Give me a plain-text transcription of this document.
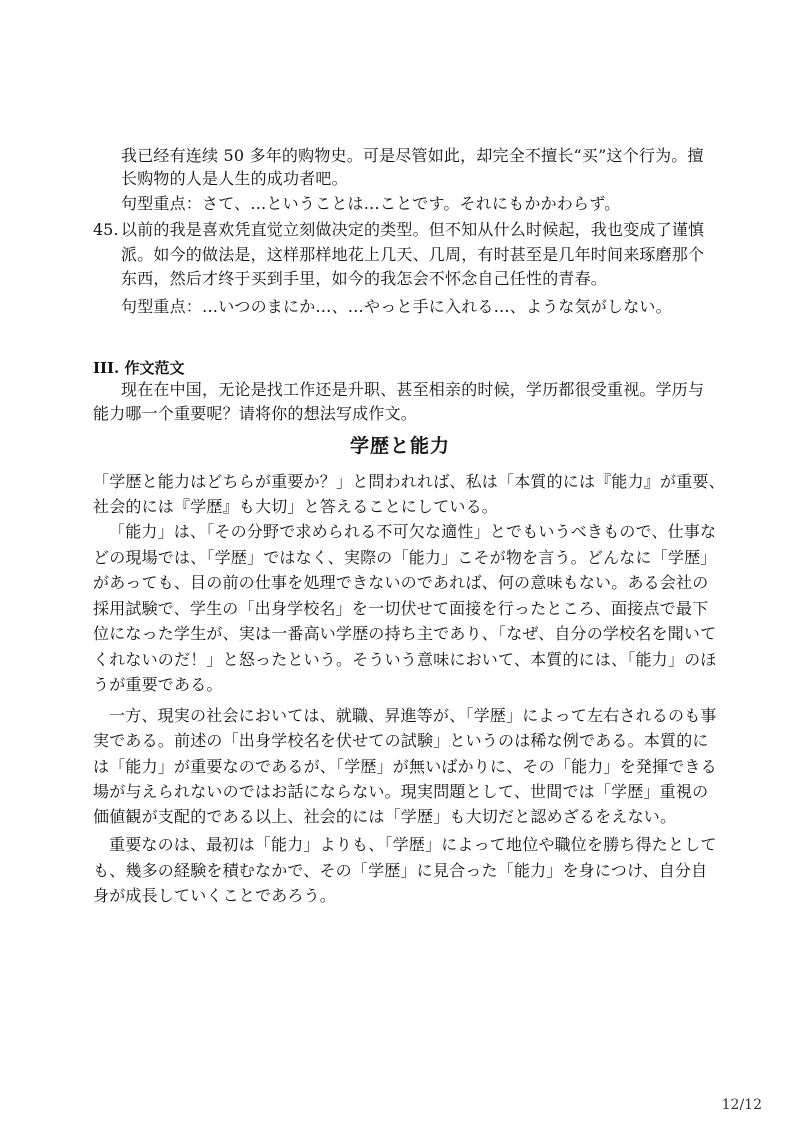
我已经有连续 50 多年的购物史。可是尽管如此，却完全不擅长“买”这个行为。擅
长购物的人是人生的成功者吧。
句型重点：さて、…ということは…ことです。それにもかかわらず。
45. 以前的我是喜欢凭直觉立刻做决定的类型。但不知从什么时候起，我也变成了谨慎
派。如今的做法是，这样那样地花上几天、几周，有时甚至是几年时间来琢磨那个
东西，然后才终于买到手里，如今的我怎会不怀念自己任性的青春。
句型重点：…いつのまにか…、…やっと手に入れる…、ような気がしない。
III. 作文范文
现在在中国，无论是找工作还是升职、甚至相亲的时候，学历都很受重视。学历与
能力哪一个重要呢？请将你的想法写成作文。
学歴と能力
「学歴と能力はどちらが重要か？」と問われれば、私は「本質的には『能力』が重要、
社会的には『学歴』も大切」と答えることにしている。
「能力」は、「その分野で求められる不可欠な適性」とでもいうべきもので、仕事な
どの現場では、「学歴」ではなく、実際の「能力」こそが物を言う。どんなに「学歴」
があっても、目の前の仕事を処理できないのであれば、何の意味もない。ある会社の
採用試験で、学生の「出身学校名」を一切伏せて面接を行ったところ、面接点で最下
位になった学生が、実は一番高い学歴の持ち主であり、「なぜ、自分の学校名を聞いて
くれないのだ！」と怒ったという。そういう意味において、本質的には、「能力」のほ
うが重要である。
一方、現実の社会においては、就職、昇進等が、「学歴」によって左右されるのも事
実である。前述の「出身学校名を伏せての試験」というのは稀な例である。本質的に
は「能力」が重要なのであるが、「学歴」が無いばかりに、その「能力」を発揮できる
場が与えられないのではお話にならない。現実問題として、世間では「学歴」重視の
価値観が支配的である以上、社会的には「学歴」も大切だと認めざるをえない。
重要なのは、最初は「能力」よりも、「学歴」によって地位や職位を勝ち得たとして
も、幾多の経験を積むなかで、その「学歴」に見合った「能力」を身につけ、自分自
身が成長していくことであろう。
12/12
